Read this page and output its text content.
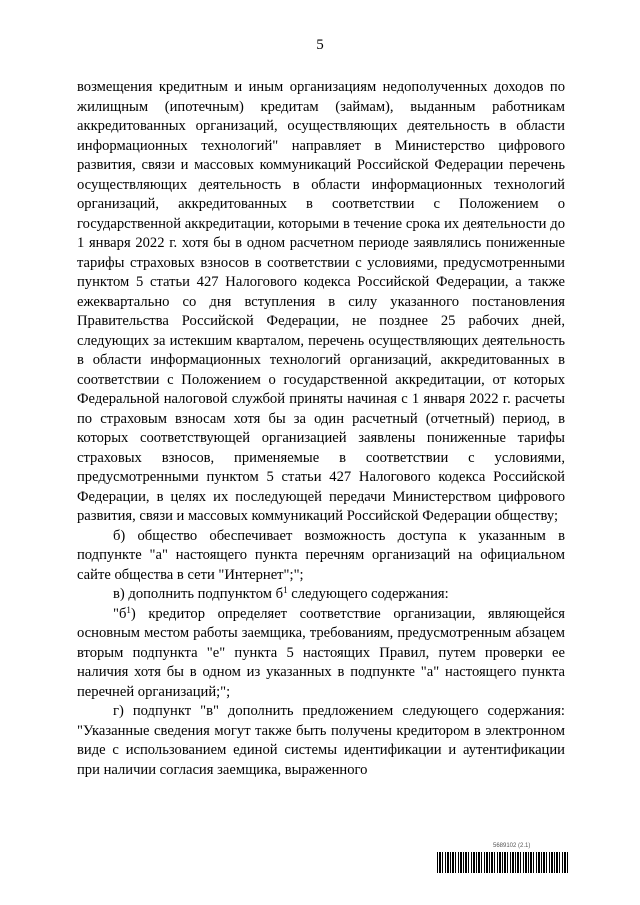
5

возмещения кредитным и иным организациям недополученных доходов по жилищным (ипотечным) кредитам (займам), выданным работникам аккредитованных организаций, осуществляющих деятельность в области информационных технологий" направляет в Министерство цифрового развития, связи и массовых коммуникаций Российской Федерации перечень осуществляющих деятельность в области информационных технологий организаций, аккредитованных в соответствии с Положением о государственной аккредитации, которыми в течение срока их деятельности до 1 января 2022 г. хотя бы в одном расчетном периоде заявлялись пониженные тарифы страховых взносов в соответствии с условиями, предусмотренными пунктом 5 статьи 427 Налогового кодекса Российской Федерации, а также ежеквартально со дня вступления в силу указанного постановления Правительства Российской Федерации, не позднее 25 рабочих дней, следующих за истекшим кварталом, перечень осуществляющих деятельность в области информационных технологий организаций, аккредитованных в соответствии с Положением о государственной аккредитации, от которых Федеральной налоговой службой приняты начиная с 1 января 2022 г. расчеты по страховым взносам хотя бы за один расчетный (отчетный) период, в которых соответствующей организацией заявлены пониженные тарифы страховых взносов, применяемые в соответствии с условиями, предусмотренными пунктом 5 статьи 427 Налогового кодекса Российской Федерации, в целях их последующей передачи Министерством цифрового развития, связи и массовых коммуникаций Российской Федерации обществу;

б) общество обеспечивает возможность доступа к указанным в подпункте "а" настоящего пункта перечням организаций на официальном сайте общества в сети "Интернет";";

в) дополнить подпунктом $б^1$ следующего содержания:

"$б^1$) кредитор определяет соответствие организации, являющейся основным местом работы заемщика, требованиям, предусмотренным абзацем вторым подпункта "е" пункта 5 настоящих Правил, путем проверки ее наличия хотя бы в одном из указанных в подпункте "а" настоящего пункта перечней организаций;";

г) подпункт "в" дополнить предложением следующего содержания: "Указанные сведения могут также быть получены кредитором в электронном виде с использованием единой системы идентификации и аутентификации при наличии согласия заемщика, выраженного

5689102 (2.1)
